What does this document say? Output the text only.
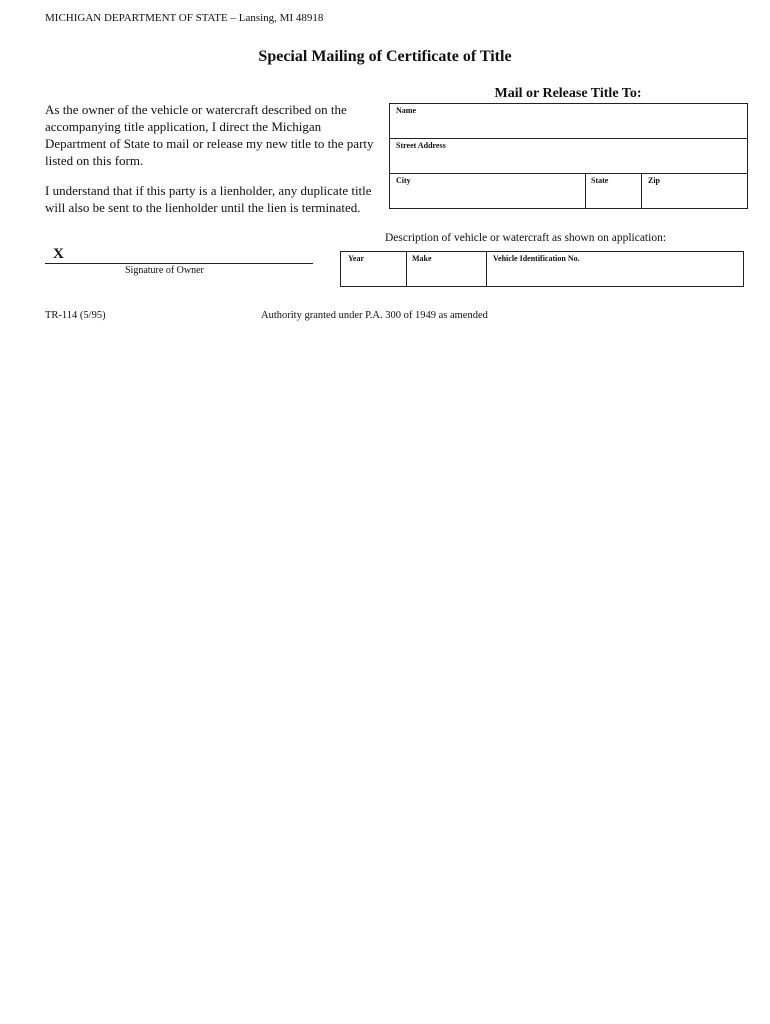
MICHIGAN DEPARTMENT OF STATE – Lansing, MI 48918
Special Mailing of Certificate of Title
As the owner of the vehicle or watercraft described on the accompanying title application, I direct the Michigan Department of State to mail or release my new title to the party listed on this form.
I understand that if this party is a lienholder, any duplicate title will also be sent to the lienholder until the lien is terminated.
Mail or Release Title To:
Name
Street Address
City	State	Zip
Description of vehicle or watercraft as shown on application:
Year	Make	Vehicle Identification No.
X
Signature of Owner
TR-114 (5/95)	Authority granted under P.A. 300 of 1949 as amended
